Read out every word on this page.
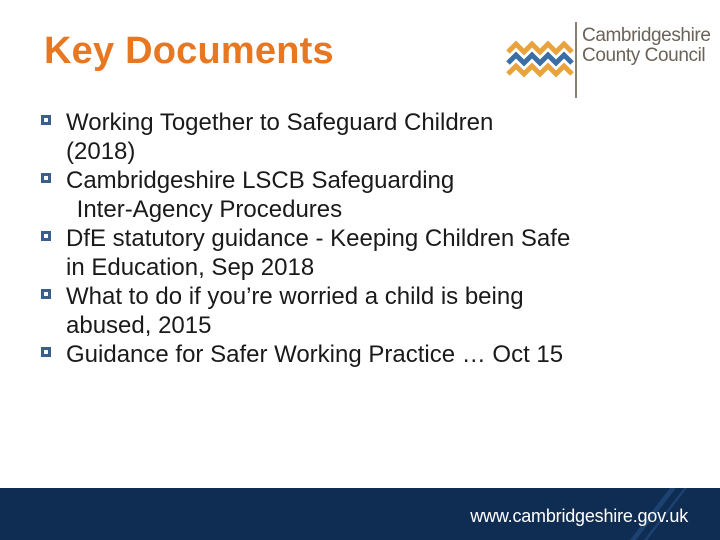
Key Documents	Cambridgeshire
County Council
Working Together to Safeguard Children
(2018)
Cambridgeshire LSCB Safeguarding
Inter-Agency Procedures
DfE statutory guidance - Keeping Children Safe
in Education, Sep 2018
What to do if you’re worried a child is being
abused, 2015
Guidance for Safer Working Practice … Oct 15
www.cambridgeshire.gov.uk
